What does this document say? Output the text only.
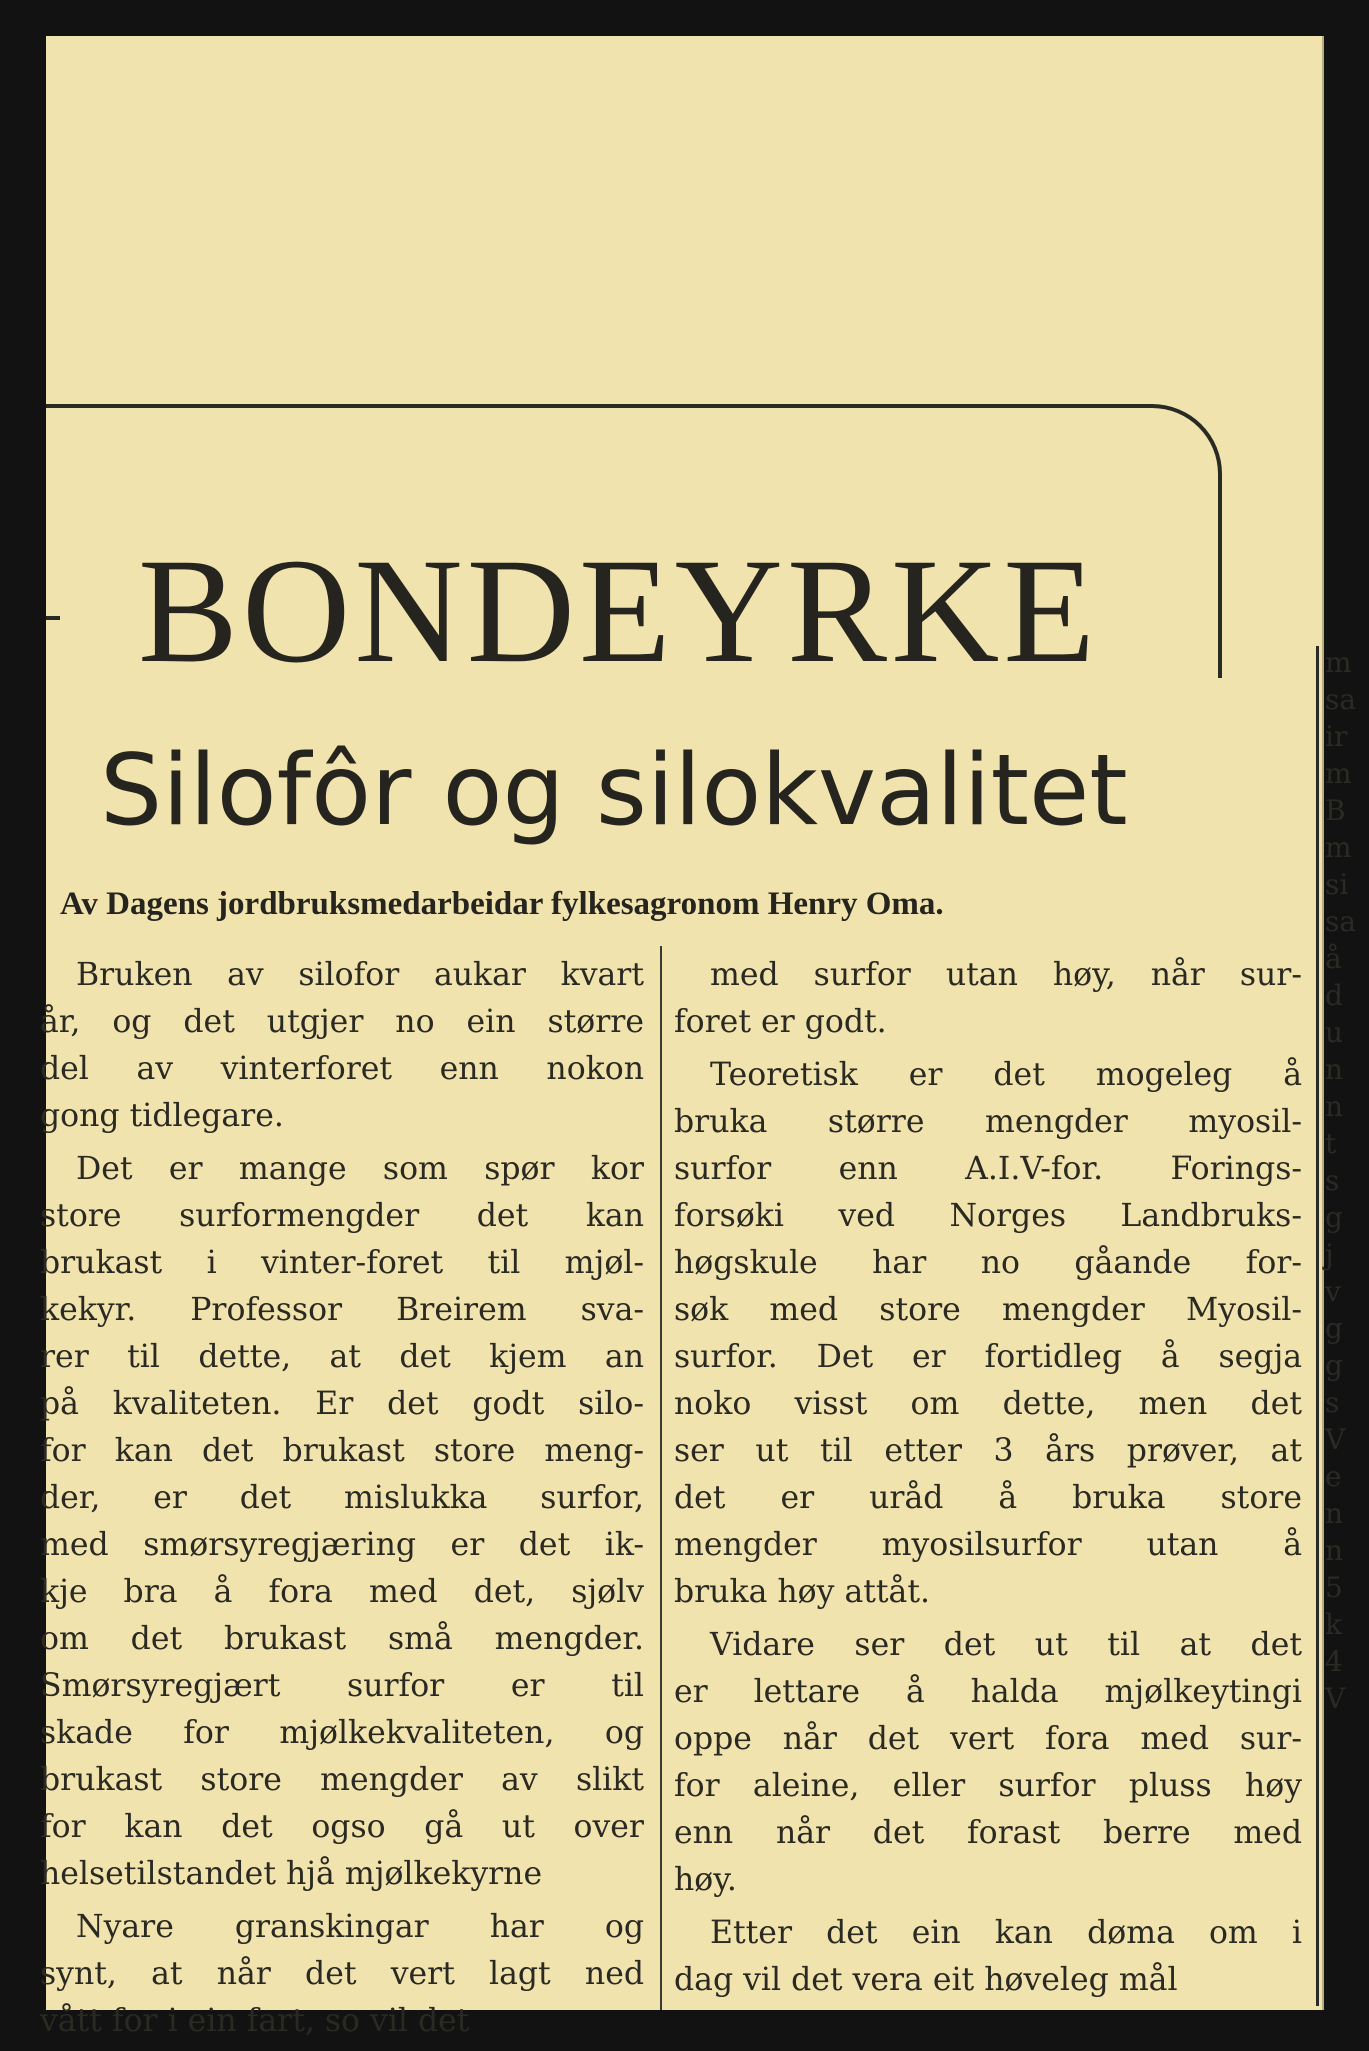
BONDEYRKE
Silofôr og silokvalitet
Av Dagens jordbruksmedarbeidar fylkesagronom Henry Oma.
Bruken av silofor aukar kvart
år, og det utgjer no ein større
del av vinterforet enn nokon
gong tidlegare.
Det er mange som spør kor
store surformengder det kan
brukast i vinter-foret til mjøl-
kekyr. Professor Breirem sva-
rer til dette, at det kjem an
på kvaliteten. Er det godt silo-
for kan det brukast store meng-
der, er det mislukka surfor,
med smørsyregjæring er det ik-
kje bra å fora med det, sjølv
om det brukast små mengder.
Smørsyregjært surfor er til
skade for mjølkekvaliteten, og
brukast store mengder av slikt
for kan det ogso gå ut over
helsetilstandet hjå mjølkekyrne
Nyare granskingar har og
synt, at når det vert lagt ned
vått for i ein fart, so vil det
med surfor utan høy, når sur-
foret er godt.
Teoretisk er det mogeleg å
bruka større mengder myosil-
surfor enn A.I.V-for. Forings-
forsøki ved Norges Landbruks-
høgskule har no gåande for-
søk med store mengder Myosil-
surfor. Det er fortidleg å segja
noko visst om dette, men det
ser ut til etter 3 års prøver, at
det er uråd å bruka store
mengder myosilsurfor utan å
bruka høy attåt.
Vidare ser det ut til at det
er lettare å halda mjølkeytingi
oppe når det vert fora med sur-
for aleine, eller surfor pluss høy
enn når det forast berre med
høy.
Etter det ein kan døma om i
dag vil det vera eit høveleg mål
m
sa
ir
m
B
m
si
sa
å
d
u
n
n
t
s
g
j
v
g
g
s
V
e
n
n
5
k
4
V
